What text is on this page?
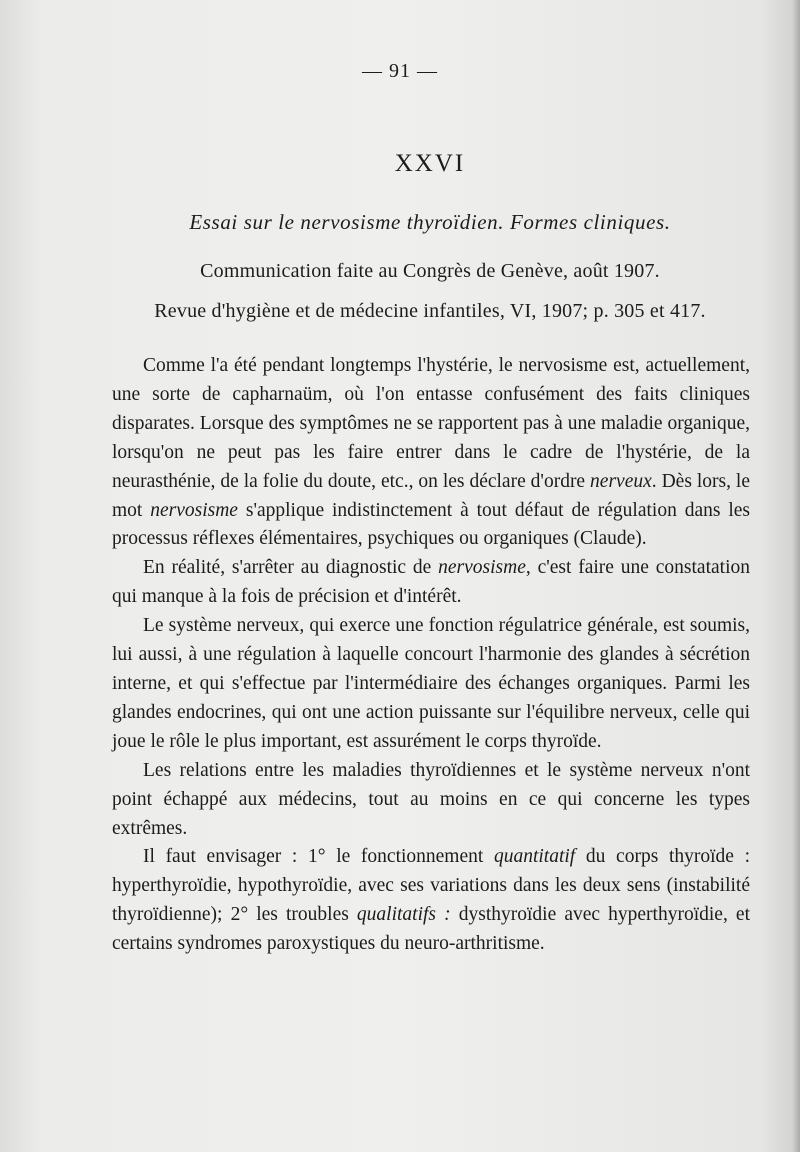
— 91 —
XXVI
Essai sur le nervosisme thyroïdien. Formes cliniques.
Communication faite au Congrès de Genève, août 1907.
Revue d'hygiène et de médecine infantiles, VI, 1907; p. 305 et 417.

Comme l'a été pendant longtemps l'hystérie, le nervosisme est, actuellement, une sorte de capharnaüm, où l'on entasse confusément des faits cliniques disparates. Lorsque des symptômes ne se rapportent pas à une maladie organique, lorsqu'on ne peut pas les faire entrer dans le cadre de l'hystérie, de la neurasthénie, de la folie du doute, etc., on les déclare d'ordre nerveux. Dès lors, le mot nervosisme s'applique indistinctement à tout défaut de régulation dans les processus réflexes élémentaires, psychiques ou organiques (Claude).

En réalité, s'arrêter au diagnostic de nervosisme, c'est faire une constatation qui manque à la fois de précision et d'intérêt.

Le système nerveux, qui exerce une fonction régulatrice générale, est soumis, lui aussi, à une régulation à laquelle concourt l'harmonie des glandes à sécrétion interne, et qui s'effectue par l'intermédiaire des échanges organiques. Parmi les glandes endocrines, qui ont une action puissante sur l'équilibre nerveux, celle qui joue le rôle le plus important, est assurément le corps thyroïde.

Les relations entre les maladies thyroïdiennes et le système nerveux n'ont point échappé aux médecins, tout au moins en ce qui concerne les types extrêmes.

Il faut envisager : 1° le fonctionnement quantitatif du corps thyroïde : hyperthyroïdie, hypothyroïdie, avec ses variations dans les deux sens (instabilité thyroïdienne); 2° les troubles qualitatifs : dysthyroïdie avec hyperthyroïdie, et certains syndromes paroxystiques du neuro-arthritisme.
